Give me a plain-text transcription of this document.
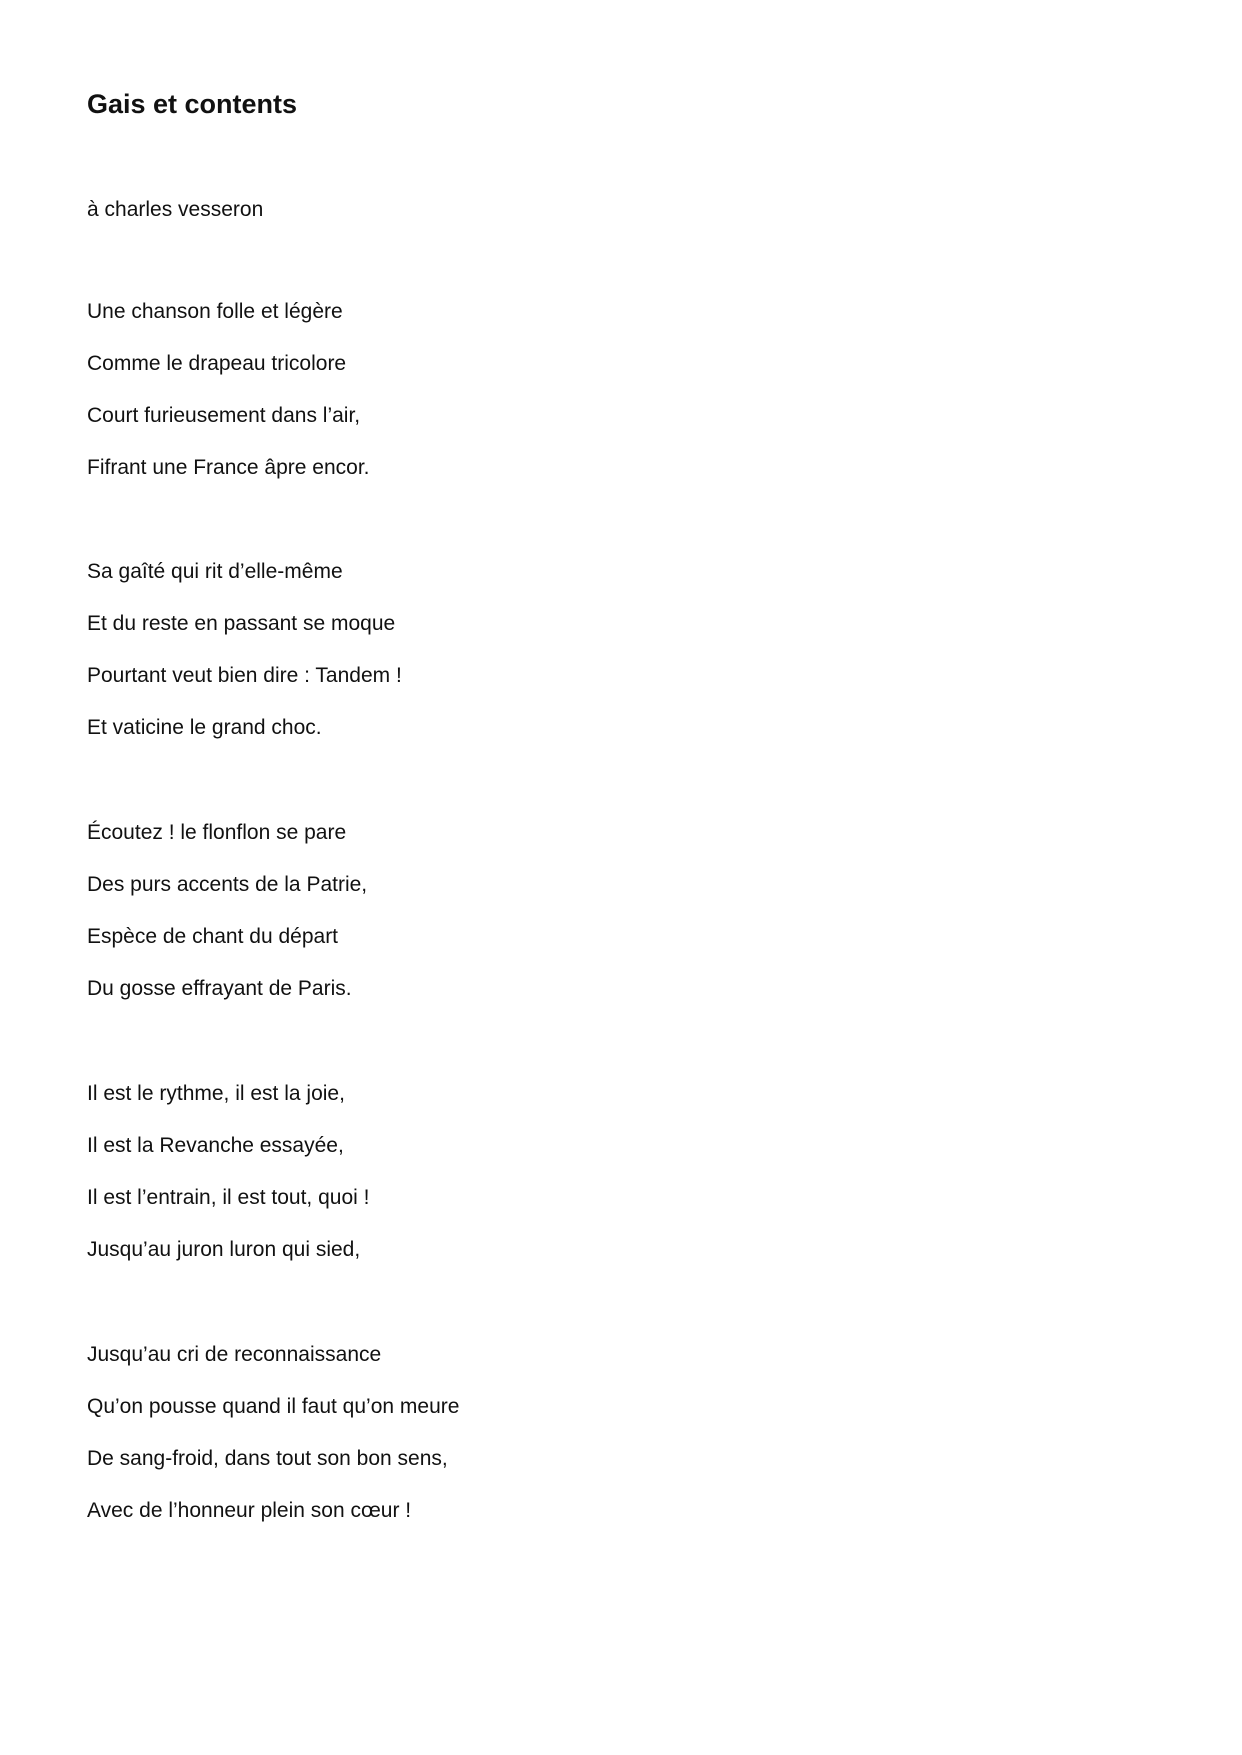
Gais et contents
à charles vesseron
Une chanson folle et légère
Comme le drapeau tricolore
Court furieusement dans l’air,
Fifrant une France âpre encor.
Sa gaîté qui rit d’elle-même
Et du reste en passant se moque
Pourtant veut bien dire : Tandem !
Et vaticine le grand choc.
Écoutez ! le flonflon se pare
Des purs accents de la Patrie,
Espèce de chant du départ
Du gosse effrayant de Paris.
Il est le rythme, il est la joie,
Il est la Revanche essayée,
Il est l’entrain, il est tout, quoi !
Jusqu’au juron luron qui sied,
Jusqu’au cri de reconnaissance
Qu’on pousse quand il faut qu’on meure
De sang-froid, dans tout son bon sens,
Avec de l’honneur plein son cœur !
